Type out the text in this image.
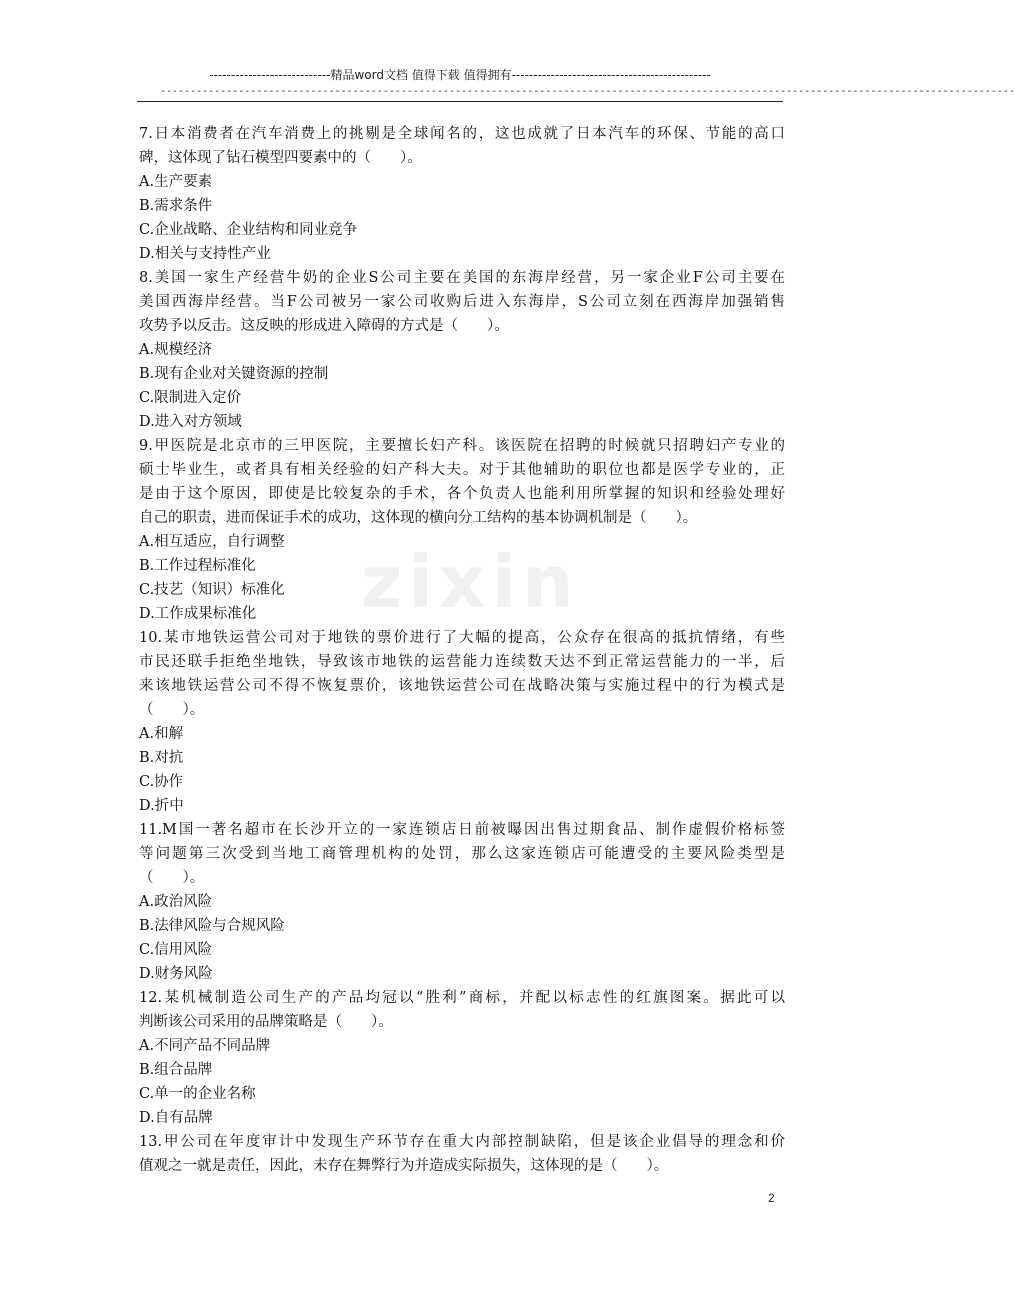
----------------------------精品word文档 值得下载 值得拥有----------------------------------------------
----------------------------------------------------------------------------------------------------------------------------------------------
zixin
7.日本消费者在汽车消费上的挑剔是全球闻名的，这也成就了日本汽车的环保、节能的高口
碑，这体现了钻石模型四要素中的（　　）。
A.生产要素
B.需求条件
C.企业战略、企业结构和同业竞争
D.相关与支持性产业
8.美国一家生产经营牛奶的企业S公司主要在美国的东海岸经营，另一家企业F公司主要在
美国西海岸经营。当F公司被另一家公司收购后进入东海岸，S公司立刻在西海岸加强销售
攻势予以反击。这反映的形成进入障碍的方式是（　　）。
A.规模经济
B.现有企业对关键资源的控制
C.限制进入定价
D.进入对方领域
9.甲医院是北京市的三甲医院，主要擅长妇产科。该医院在招聘的时候就只招聘妇产专业的
硕士毕业生，或者具有相关经验的妇产科大夫。对于其他辅助的职位也都是医学专业的，正
是由于这个原因，即使是比较复杂的手术，各个负责人也能利用所掌握的知识和经验处理好
自己的职责，进而保证手术的成功，这体现的横向分工结构的基本协调机制是（　　）。
A.相互适应，自行调整
B.工作过程标准化
C.技艺（知识）标准化
D.工作成果标准化
10.某市地铁运营公司对于地铁的票价进行了大幅的提高，公众存在很高的抵抗情绪，有些
市民还联手拒绝坐地铁，导致该市地铁的运营能力连续数天达不到正常运营能力的一半，后
来该地铁运营公司不得不恢复票价，该地铁运营公司在战略决策与实施过程中的行为模式是
（　　）。
A.和解
B.对抗
C.协作
D.折中
11.M国一著名超市在长沙开立的一家连锁店日前被曝因出售过期食品、制作虚假价格标签
等问题第三次受到当地工商管理机构的处罚，那么这家连锁店可能遭受的主要风险类型是
（　　）。
A.政治风险
B.法律风险与合规风险
C.信用风险
D.财务风险
12.某机械制造公司生产的产品均冠以“胜利”商标，并配以标志性的红旗图案。据此可以
判断该公司采用的品牌策略是（　　）。
A.不同产品不同品牌
B.组合品牌
C.单一的企业名称
D.自有品牌
13.甲公司在年度审计中发现生产环节存在重大内部控制缺陷，但是该企业倡导的理念和价
值观之一就是责任，因此，未存在舞弊行为并造成实际损失，这体现的是（　　）。
2
